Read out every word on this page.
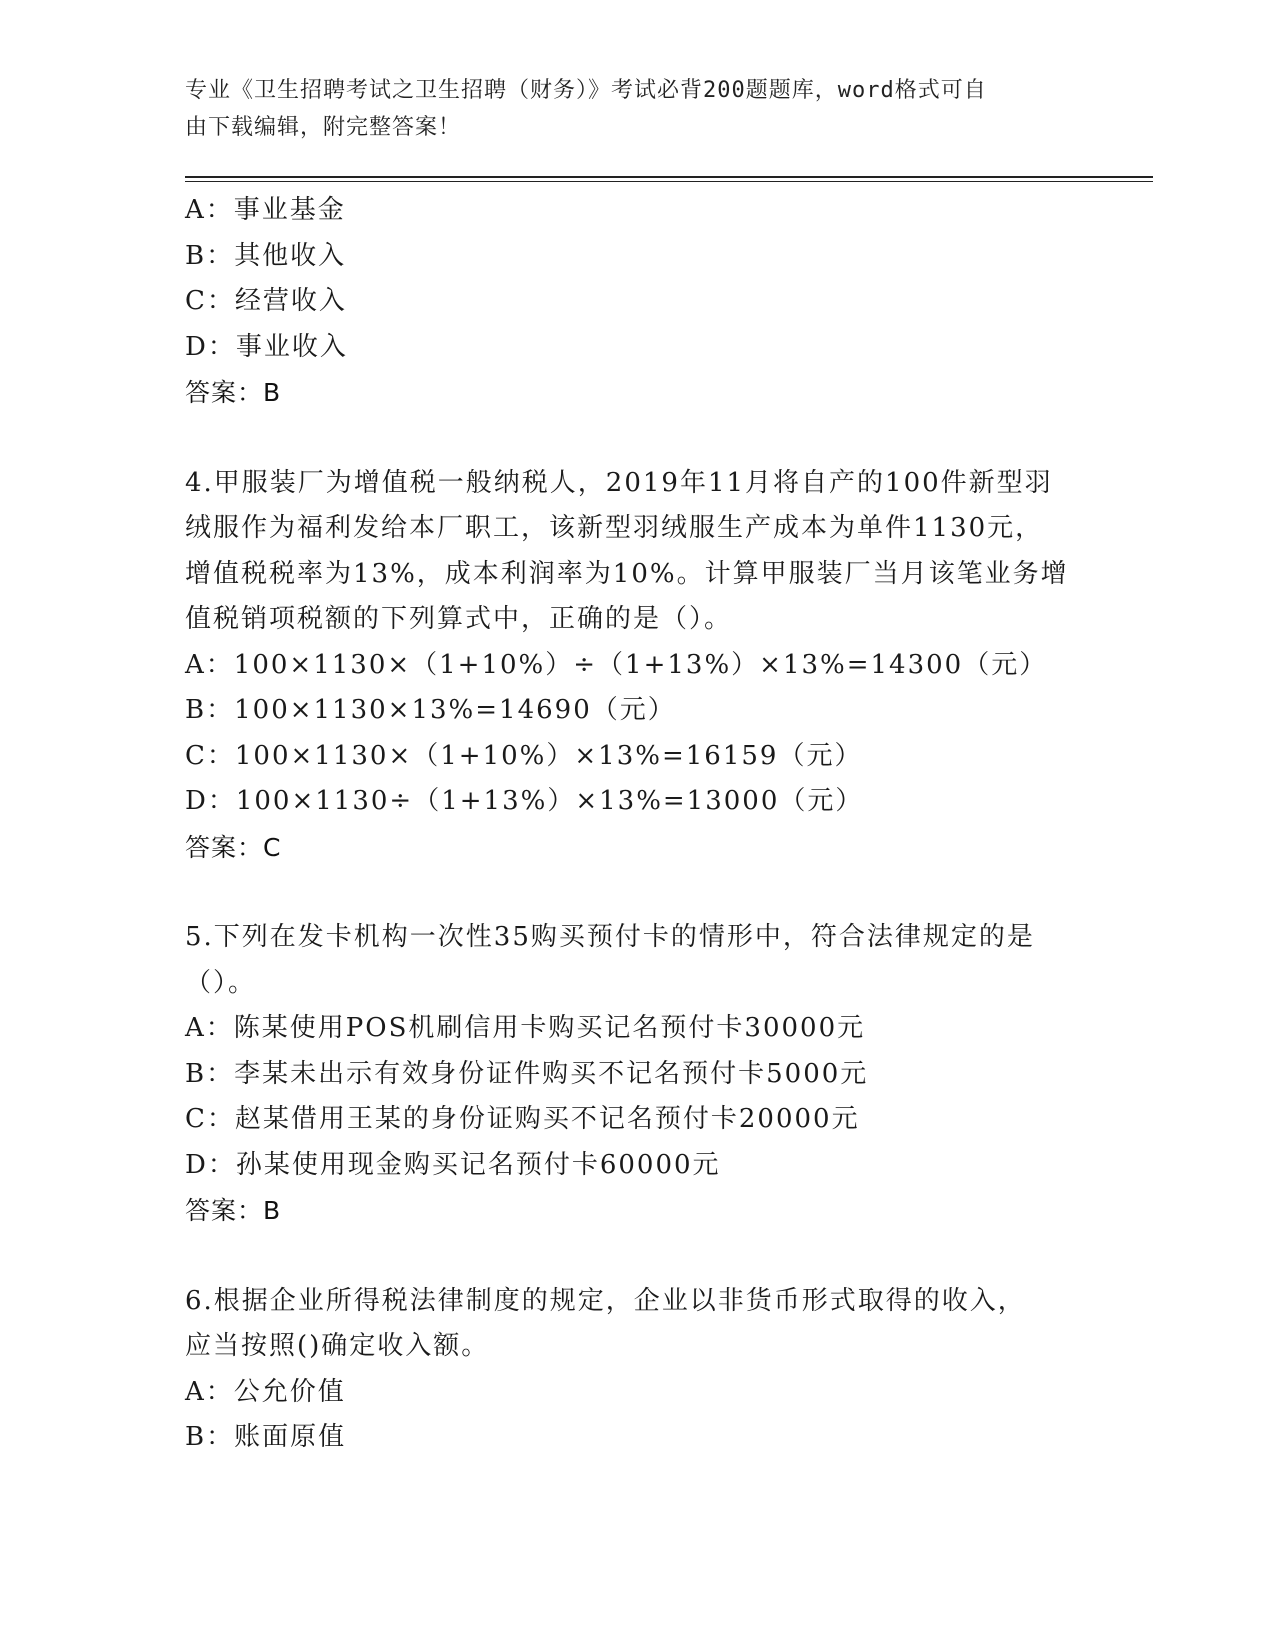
专业《卫生招聘考试之卫生招聘（财务）》考试必背200题题库，word格式可自
由下载编辑，附完整答案！
A：事业基金
B：其他收入
C：经营收入
D：事业收入
答案：B
4.甲服装厂为增值税一般纳税人，2019年11月将自产的100件新型羽
绒服作为福利发给本厂职工，该新型羽绒服生产成本为单件1130元，
增值税税率为13%，成本利润率为10%。计算甲服装厂当月该笔业务增
值税销项税额的下列算式中，正确的是（）。
A：100×1130×（1+10%）÷（1+13%）×13%=14300（元）
B：100×1130×13%=14690（元）
C：100×1130×（1+10%）×13%=16159（元）
D：100×1130÷（1+13%）×13%=13000（元）
答案：C
5.下列在发卡机构一次性35购买预付卡的情形中，符合法律规定的是
（）。
A：陈某使用POS机刷信用卡购买记名预付卡30000元
B：李某未出示有效身份证件购买不记名预付卡5000元
C：赵某借用王某的身份证购买不记名预付卡20000元
D：孙某使用现金购买记名预付卡60000元
答案：B
6.根据企业所得税法律制度的规定，企业以非货币形式取得的收入，
应当按照()确定收入额。
A：公允价值
B：账面原值
